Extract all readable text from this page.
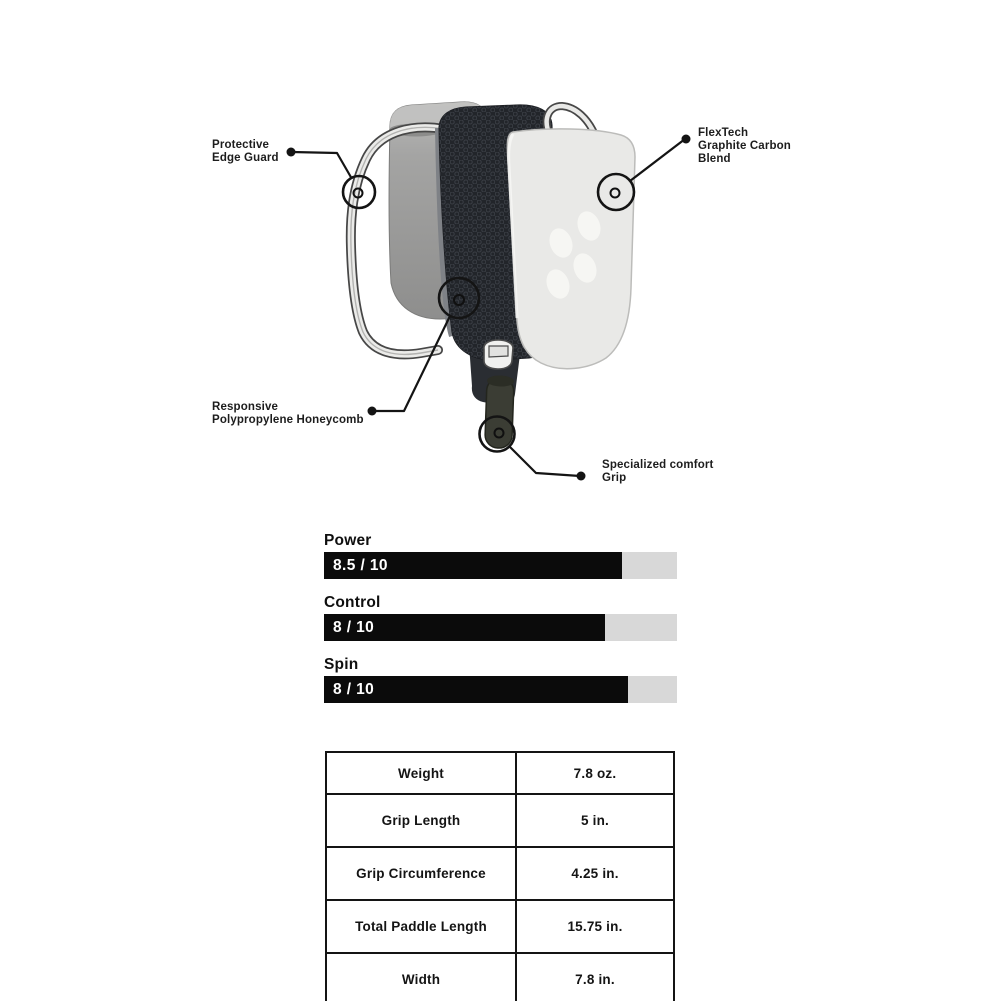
Protective
Edge Guard
FlexTech
Graphite Carbon
Blend
Responsive
Polypropylene Honeycomb
Specialized comfort
Grip
Power
8.5 / 10
Control
8 / 10
Spin
8 / 10
Weight	7.8 oz.
Grip Length	5 in.
Grip Circumference	4.25 in.
Total Paddle Length	15.75 in.
Width	7.8 in.
